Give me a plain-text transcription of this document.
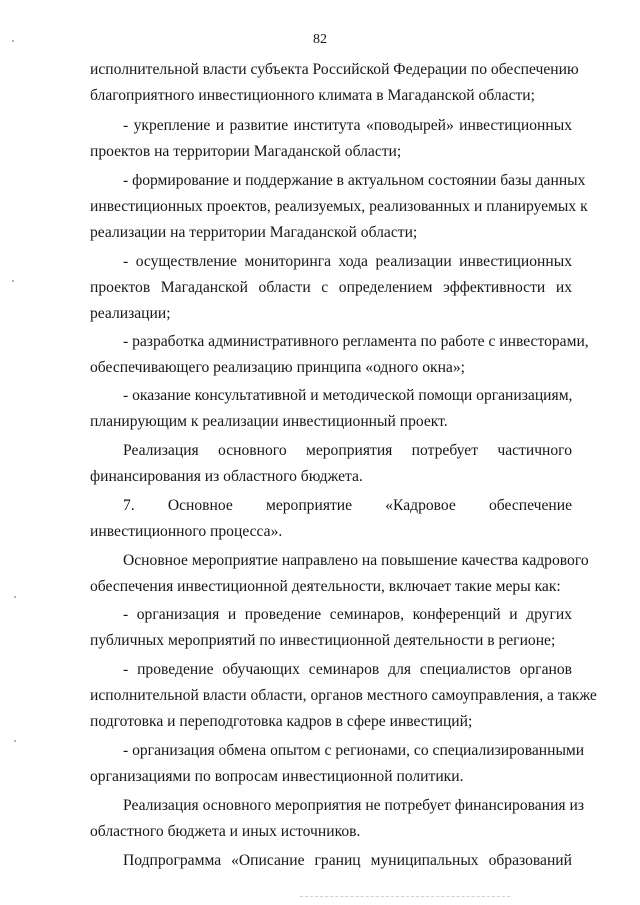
82
исполнительной власти субъекта Российской Федерации по обеспечению
благоприятного инвестиционного климата в Магаданской области;
- укрепление и развитие института «поводырей» инвестиционных
проектов на территории Магаданской области;
- формирование и поддержание в актуальном состоянии базы данных
инвестиционных проектов, реализуемых, реализованных и планируемых к
реализации на территории Магаданской области;
- осуществление мониторинга хода реализации инвестиционных
проектов Магаданской области с определением эффективности их
реализации;
- разработка административного регламента по работе с инвесторами,
обеспечивающего реализацию принципа «одного окна»;
- оказание консультативной и методической помощи организациям,
планирующим к реализации инвестиционный проект.
Реализация основного мероприятия потребует частичного
финансирования из областного бюджета.
7. Основное мероприятие «Кадровое обеспечение
инвестиционного процесса».
Основное мероприятие направлено на повышение качества кадрового
обеспечения инвестиционной деятельности, включает такие меры как:
- организация и проведение семинаров, конференций и других
публичных мероприятий по инвестиционной деятельности в регионе;
- проведение обучающих семинаров для специалистов органов
исполнительной власти области, органов местного самоуправления, а также
подготовка и переподготовка кадров в сфере инвестиций;
- организация обмена опытом с регионами, со специализированными
организациями по вопросам инвестиционной политики.
Реализация основного мероприятия не потребует финансирования из
областного бюджета и иных источников.
Подпрограмма «Описание границ муниципальных образований
